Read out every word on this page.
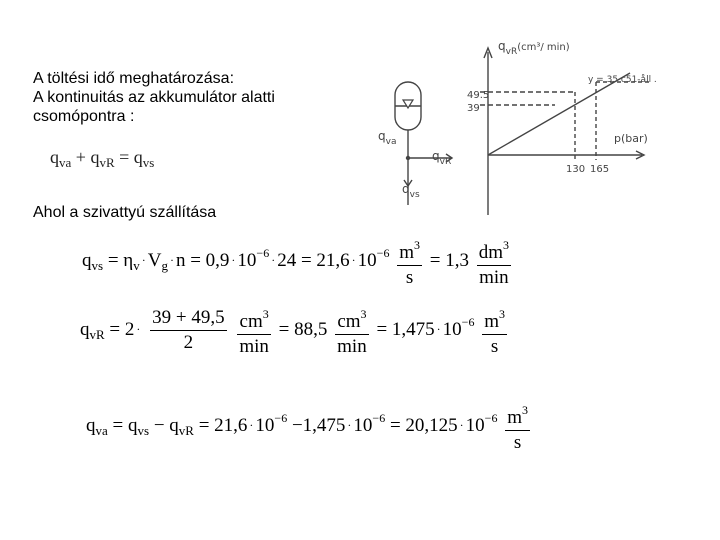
A töltési idő meghatározása:
A kontinuitás az akkumulátor alatti
csomópontra :
$q_{va} + q_{vR} = q_{vs}$
Ahol a szivattyú szállítása
$q_{vs} = \eta_v \cdot V_g \cdot n = 0,9 \cdot 10^{-6} \cdot 24 = 21,6 \cdot 10^{-6} \frac{m^3}{s} = 1,3 \frac{dm^3}{\min}$
$q_{vR} = 2 \cdot \frac{39 + 49,5}{2}$
$\frac{cm^3}{\min} = 88,5 \frac{cm^3}{\min} = 1,475 \cdot 10^{-6} \frac{m^3}{s}$
$q_{va} = q_{vs} - q_{vR} = 21,6 \cdot 10^{-6} -1,475 \cdot 10^{-6} = 20,125 \cdot 10^{-6} \frac{m^3}{s}$
$q_{va}$
$q_{vR}$
$q_{vs}$
$q_{vR}^{(cm^3/ min)}$
p(bar)
49.5
39
130 165
y = 35 c51-åll .
